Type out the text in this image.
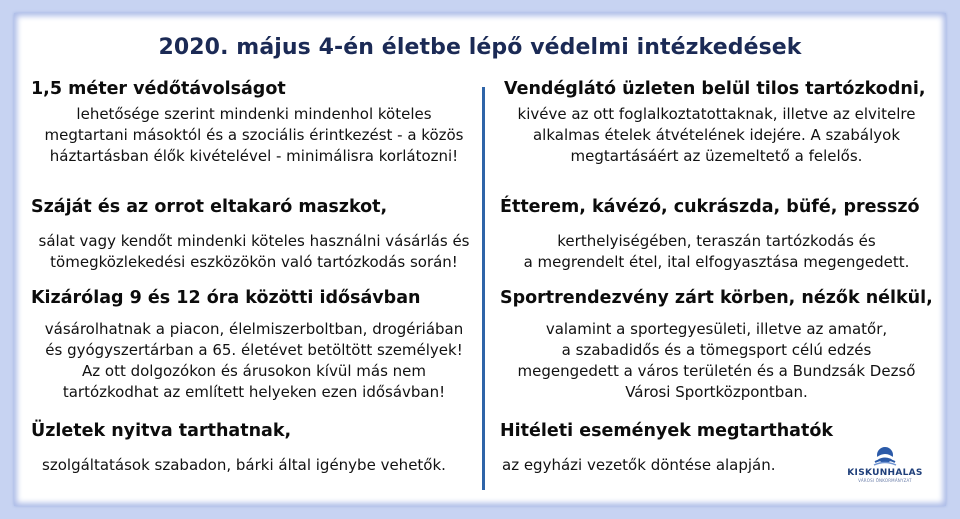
2020. május 4-én életbe lépő védelmi intézkedések
1,5 méter védőtávolságot
lehetősége szerint mindenki mindenhol köteles
megtartani másoktól és a szociális érintkezést - a közös
háztartásban élők kivételével - minimálisra korlátozni!
Száját és az orrot eltakaró maszkot,
sálat vagy kendőt mindenki köteles használni vásárlás és
tömegközlekedési eszközökön való tartózkodás során!
Kizárólag 9 és 12 óra közötti idősávban
vásárolhatnak a piacon, élelmiszerboltban, drogériában
és gyógyszertárban a 65. életévet betöltött személyek!
Az ott dolgozókon és árusokon kívül más nem
tartózkodhat az említett helyeken ezen idősávban!
Üzletek nyitva tarthatnak,
szolgáltatások szabadon, bárki által igénybe vehetők.
Vendéglátó üzleten belül tilos tartózkodni,
kivéve az ott foglalkoztatottaknak, illetve az elvitelre
alkalmas ételek átvételének idejére. A szabályok
megtartásáért az üzemeltető a felelős.
Étterem, kávézó, cukrászda, büfé, presszó
kerthelyiségében, teraszán tartózkodás és
a megrendelt étel, ital elfogyasztása megengedett.
Sportrendezvény zárt körben, nézők nélkül,
valamint a sportegyesületi, illetve az amatőr,
a szabadidős és a tömegsport célú edzés
megengedett a város területén és a Bundzsák Dezső
Városi Sportközpontban.
Hitéleti események megtarthatók
az egyházi vezetők döntése alapján.	KISKUNHALAS
VÁROSI ÖNKORMÁNYZAT
